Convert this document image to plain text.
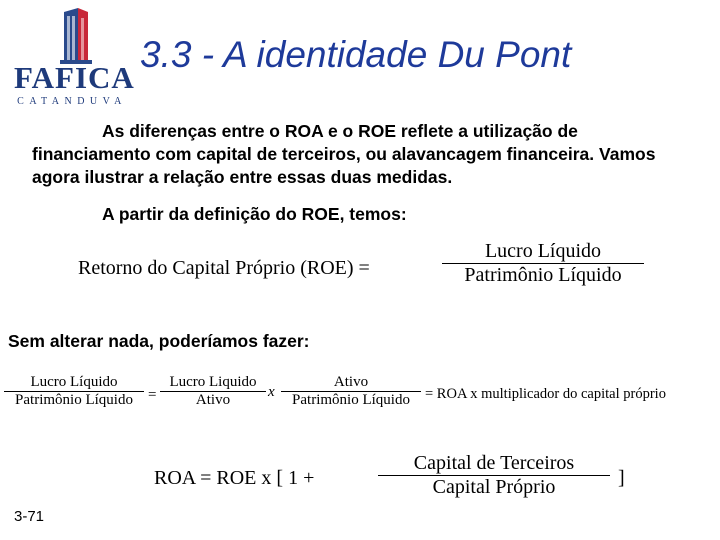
FAFICA
CATANDUVA
3.3 - A identidade Du Pont
As diferenças entre o ROA e o ROE reflete a utilização de financiamento com capital de terceiros, ou alavancagem financeira. Vamos agora ilustrar a relação entre essas duas medidas.
A partir da definição do ROE, temos:
Retorno do Capital Próprio (ROE) =
Lucro Líquido
Patrimônio Líquido
Sem alterar nada, poderíamos fazer:
Lucro Líquido
Patrimônio Líquido	=
Lucro Liquido
Ativo	x
Ativo
Patrimônio Líquido	= ROA x multiplicador do capital próprio
ROA = ROE x [ 1 +
Capital de Terceiros
Capital Próprio	]
3-71
